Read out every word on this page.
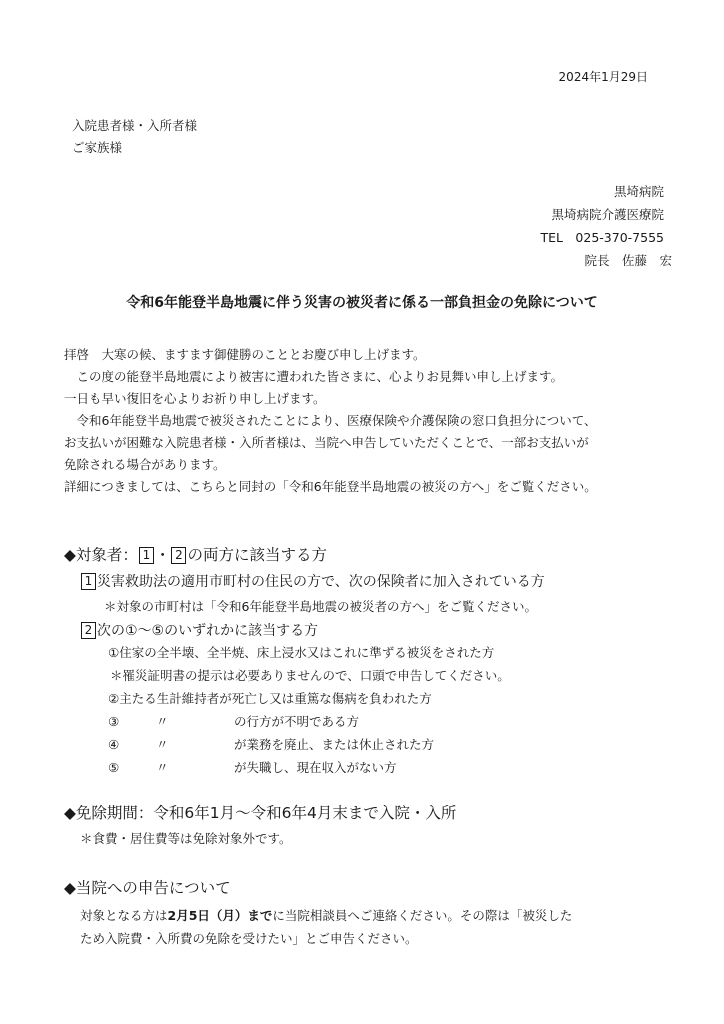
2024年1月29日
入院患者様・入所者様
ご家族様
黒埼病院
黒埼病院介護医療院
TEL　025-370-7555
院長　佐藤　宏
令和6年能登半島地震に伴う災害の被災者に係る一部負担金の免除について
拝啓　大寒の候、ますます御健勝のこととお慶び申し上げます。
　この度の能登半島地震により被害に遭われた皆さまに、心よりお見舞い申し上げます。
一日も早い復旧を心よりお祈り申し上げます。
　令和6年能登半島地震で被災されたことにより、医療保険や介護保険の窓口負担分について、
お支払いが困難な入院患者様・入所者様は、当院へ申告していただくことで、一部お支払いが
免除される場合があります。
詳細につきましては、こちらと同封の「令和6年能登半島地震の被災の方へ」をご覧ください。
◆対象者： 1 ・ 2 の両方に該当する方
1 災害救助法の適用市町村の住民の方で、次の保険者に加入されている方
＊対象の市町村は「令和6年能登半島地震の被災者の方へ」をご覧ください。
2 次の①〜⑤のいずれかに該当する方
①住家の全半壊、全半焼、床上浸水又はこれに準ずる被災をされた方
＊罹災証明書の提示は必要ありませんので、口頭で申告してください。
②主たる生計維持者が死亡し又は重篤な傷病を負われた方
③	〃	の行方が不明である方
④	〃	が業務を廃止、または休止された方
⑤	〃	が失職し、現在収入がない方
◆免除期間：令和6年1月〜令和6年4月末まで入院・入所
＊食費・居住費等は免除対象外です。
◆当院への申告について
対象となる方は2月5日（月）までに当院相談員へご連絡ください。その際は「被災した
ため入院費・入所費の免除を受けたい」とご申告ください。
